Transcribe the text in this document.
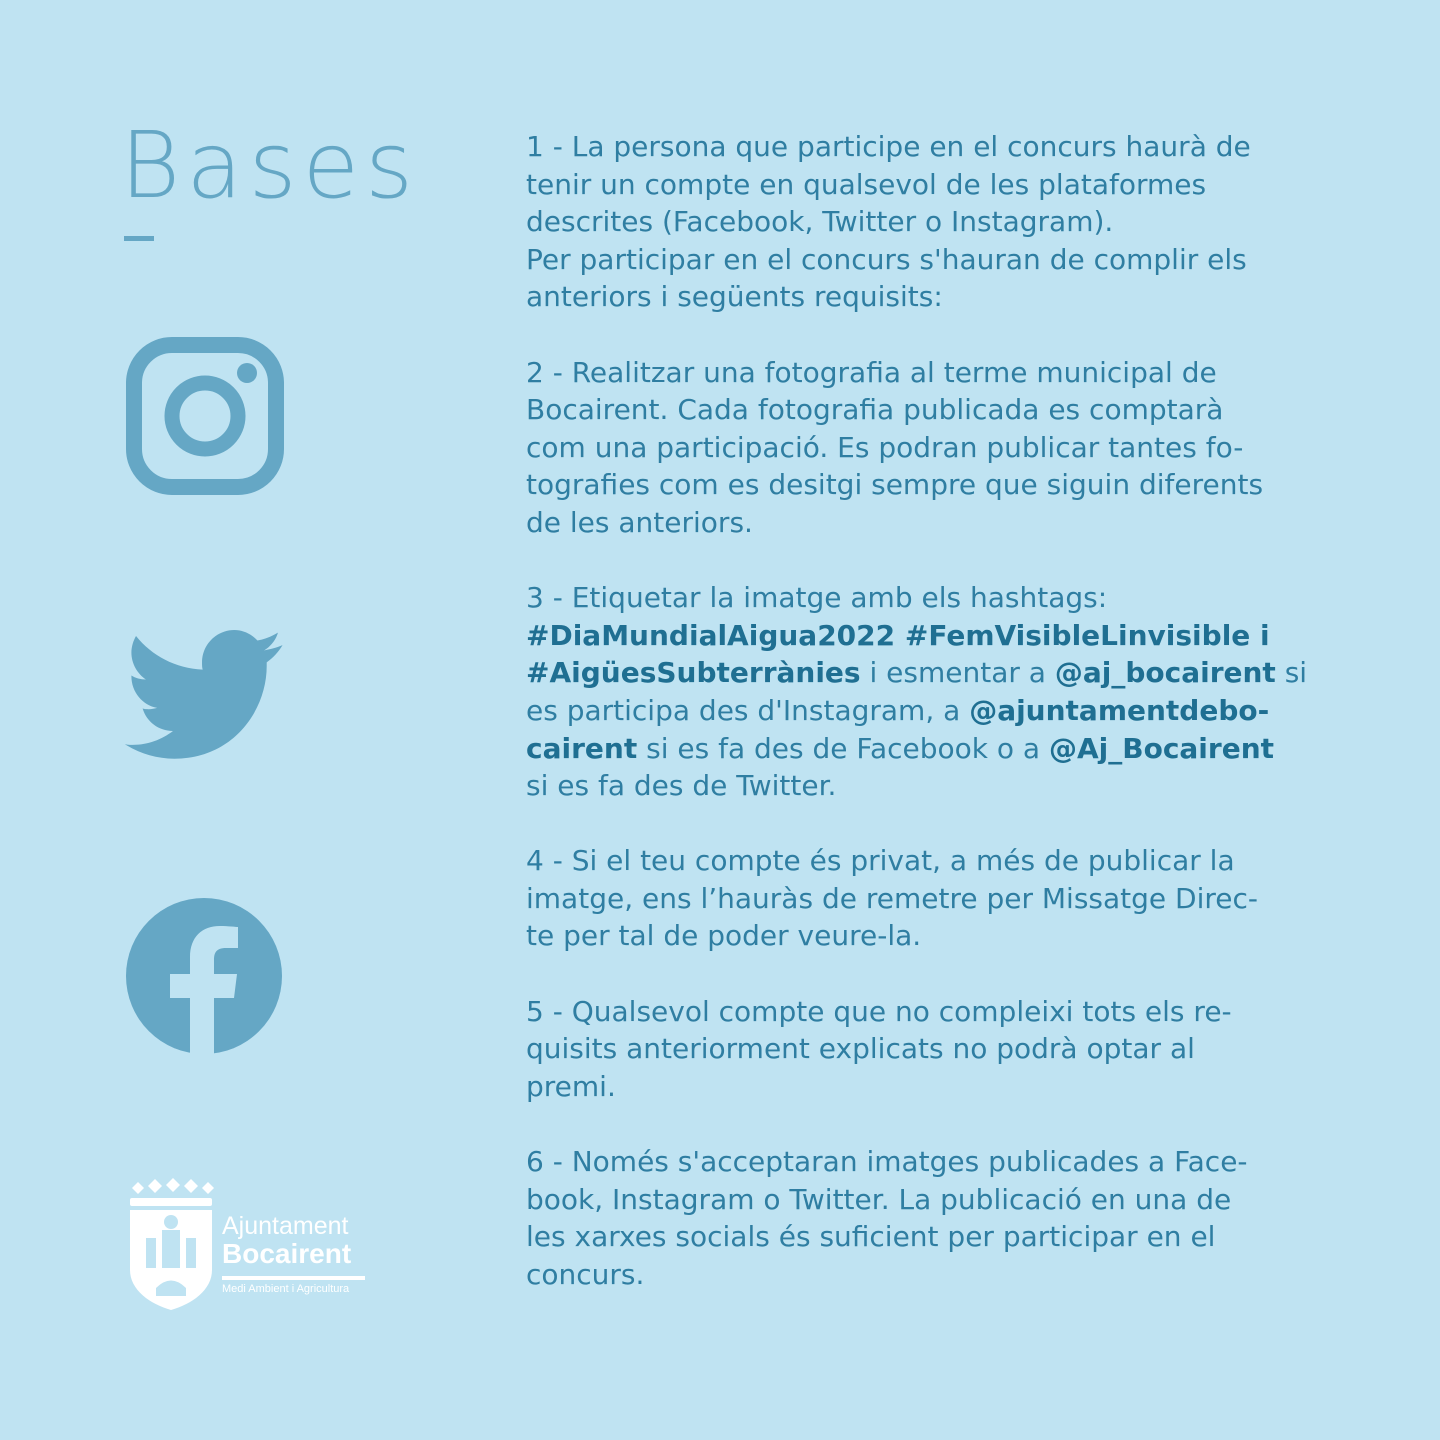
Bases
Ajuntament
Bocairent
Medi Ambient i Agricultura
1 - La persona que participe en el concurs haurà de
tenir un compte en qualsevol de les plataformes
descrites (Facebook, Twitter o Instagram).
Per participar en el concurs s'hauran de complir els
anteriors i següents requisits:
2 - Realitzar una fotografia al terme municipal de
Bocairent. Cada fotografia publicada es comptarà
com una participació. Es podran publicar tantes fo-
tografies com es desitgi sempre que siguin diferents
de les anteriors.
3 - Etiquetar la imatge amb els hashtags:
#DiaMundialAigua2022 #FemVisibleLinvisible i
#AigüesSubterrànies i esmentar a @aj_bocairent si
es participa des d'Instagram, a @ajuntamentdebo-
cairent si es fa des de Facebook o a @Aj_Bocairent
si es fa des de Twitter.
4 - Si el teu compte és privat, a més de publicar la
imatge, ens l’hauràs de remetre per Missatge Direc-
te per tal de poder veure-la.
5 - Qualsevol compte que no compleixi tots els re-
quisits anteriorment explicats no podrà optar al
premi.
6 - Només s'acceptaran imatges publicades a Face-
book, Instagram o Twitter. La publicació en una de
les xarxes socials és suficient per participar en el
concurs.
